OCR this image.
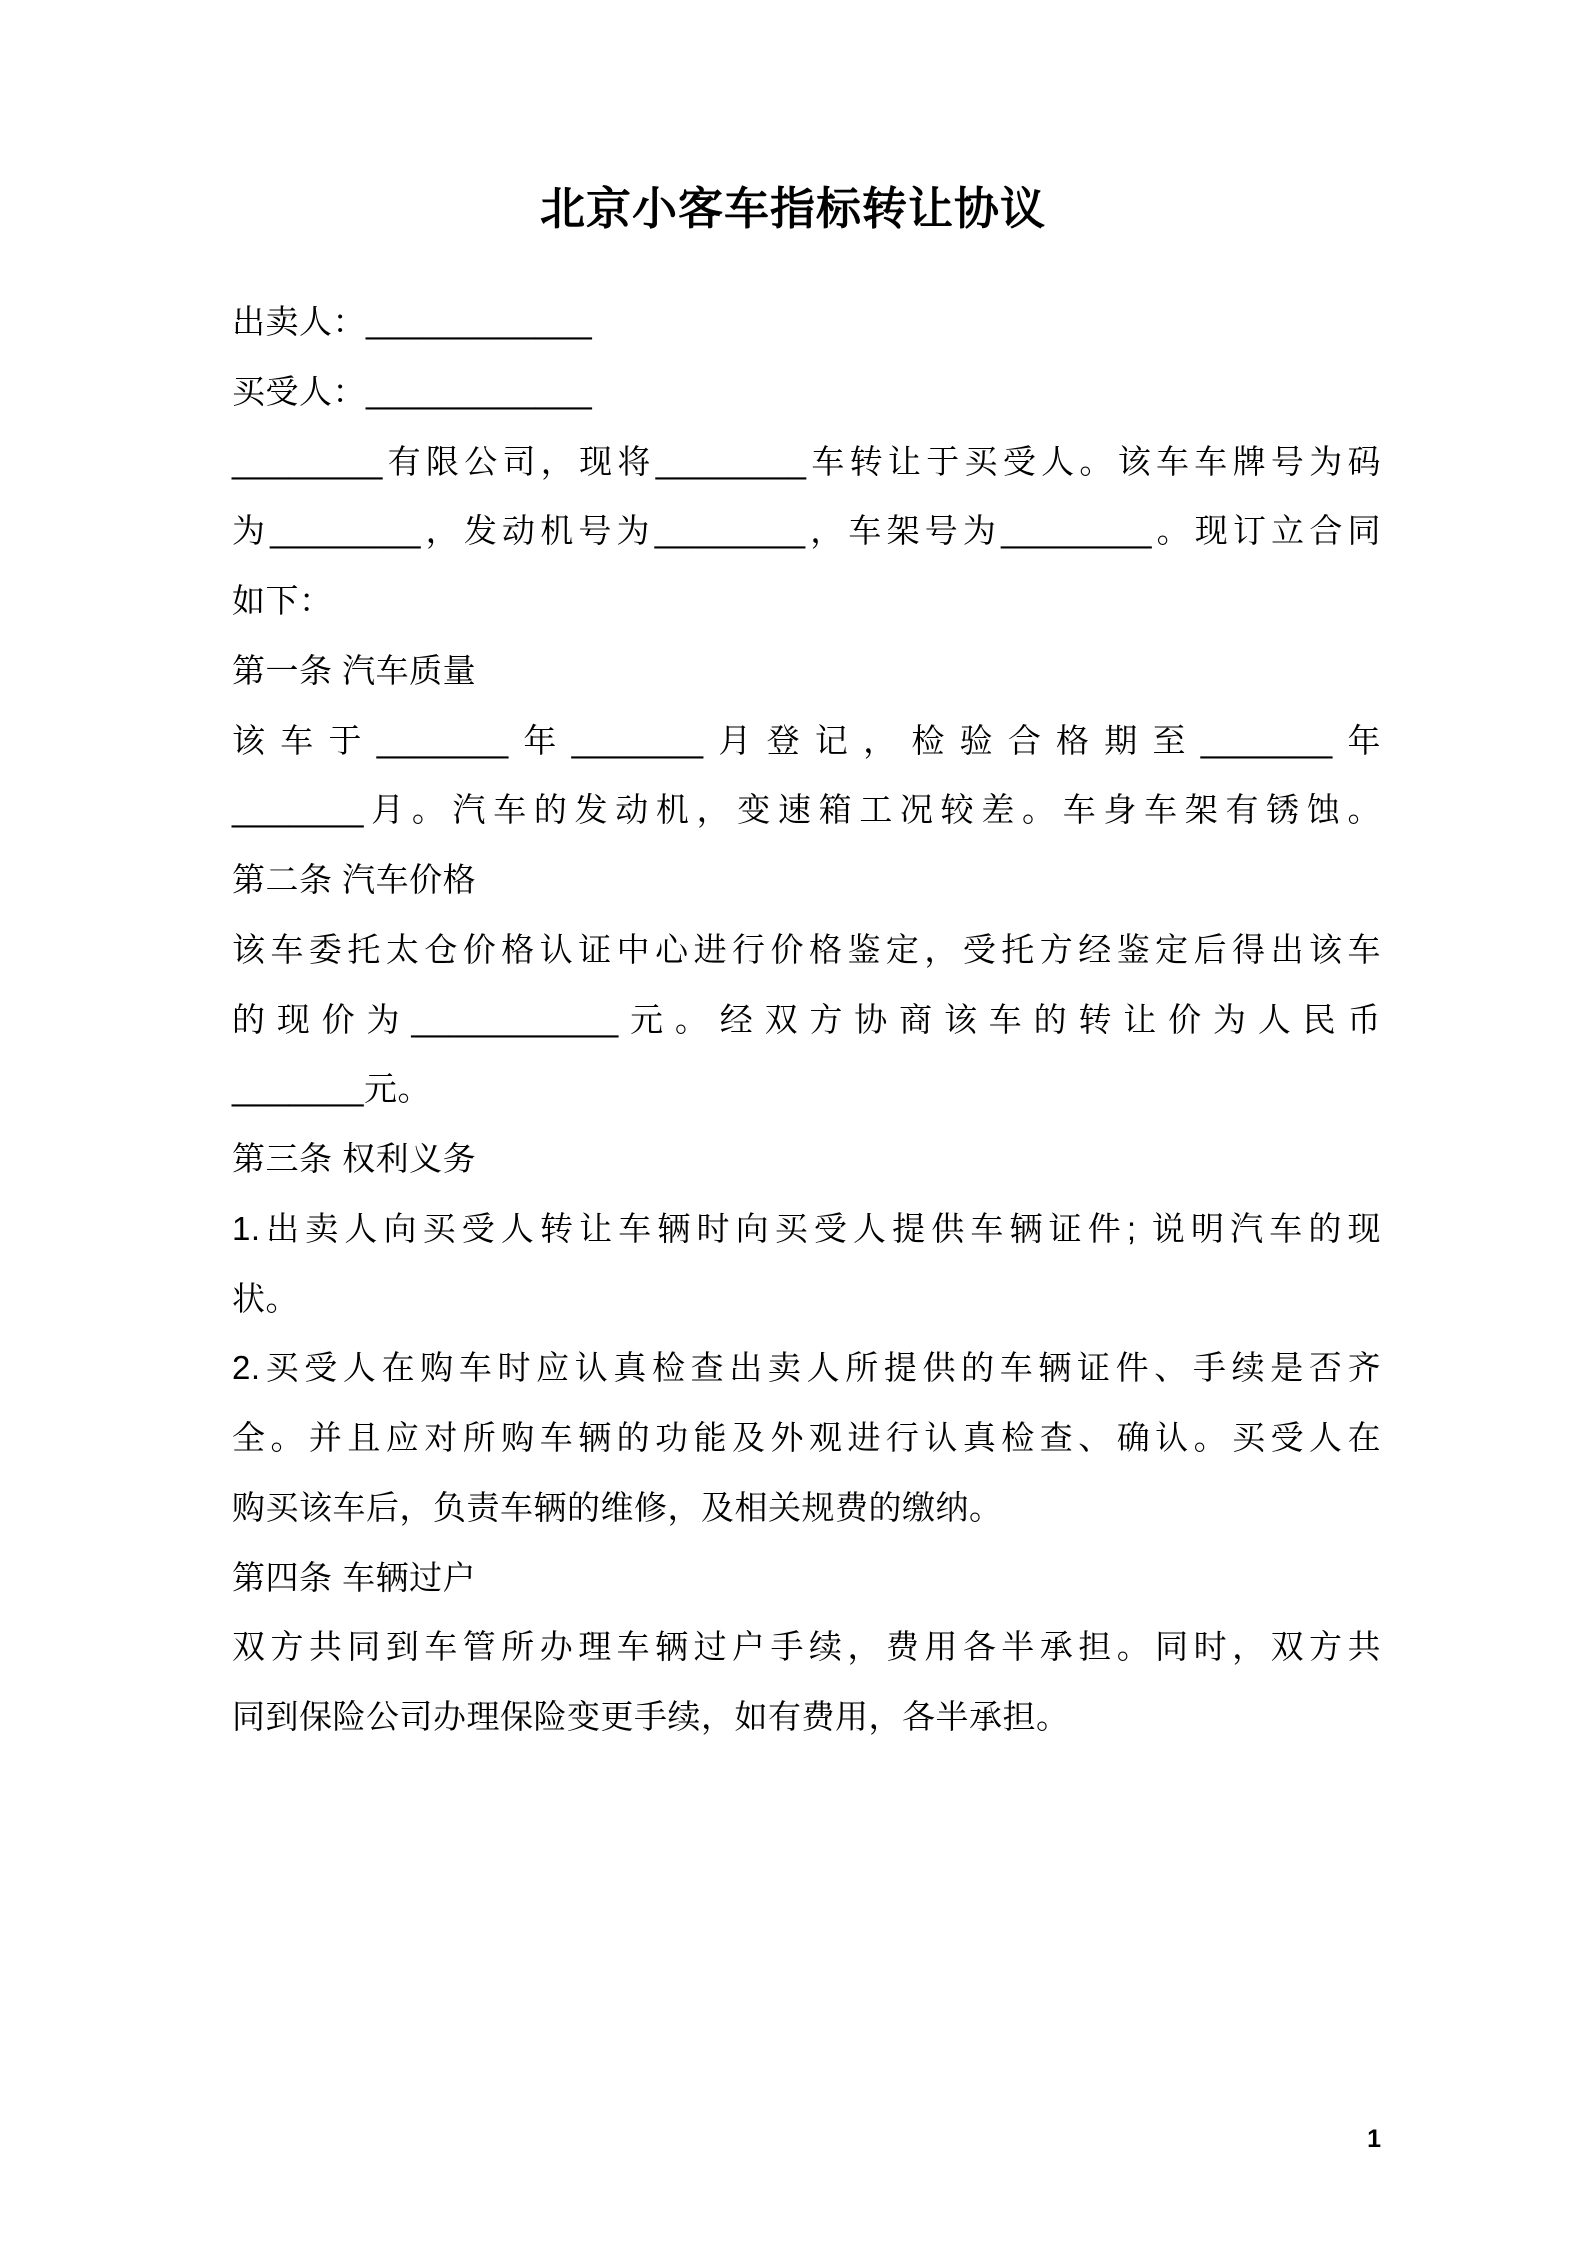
北京小客车指标转让协议

出卖人：____________

买受人：____________

________有限公司，现将________车转让于买受人。该车车牌号为码

为________，发动机号为________，车架号为________。现订立合同

如下：

第一条 汽车质量

该车于_______年_______月登记，检验合格期至_______年

_______月。汽车的发动机，变速箱工况较差。车身车架有锈蚀。

第二条 汽车价格

该车委托太仓价格认证中心进行价格鉴定，受托方经鉴定后得出该车

的现价为___________元。经双方协商该车的转让价为人民币

_______元。

第三条 权利义务

1.出卖人向买受人转让车辆时向买受人提供车辆证件; 说明汽车的现

状。

2.买受人在购车时应认真检查出卖人所提供的车辆证件、手续是否齐

全。并且应对所购车辆的功能及外观进行认真检查、确认。买受人在

购买该车后，负责车辆的维修，及相关规费的缴纳。

第四条 车辆过户

双方共同到车管所办理车辆过户手续，费用各半承担。同时，双方共

同到保险公司办理保险变更手续，如有费用，各半承担。

1
